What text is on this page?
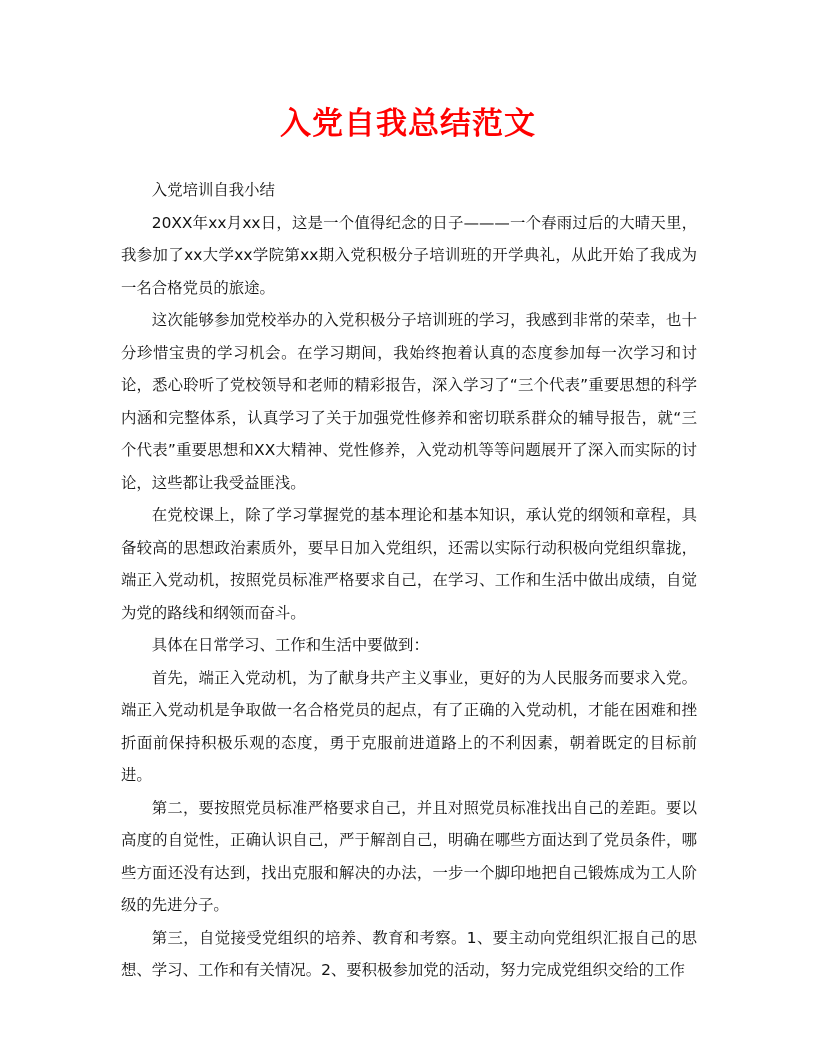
入党自我总结范文

入党培训自我小结

20XX年xx月xx日，这是一个值得纪念的日子———一个春雨过后的大晴天里，我参加了xx大学xx学院第xx期入党积极分子培训班的开学典礼，从此开始了我成为一名合格党员的旅途。

这次能够参加党校举办的入党积极分子培训班的学习，我感到非常的荣幸，也十分珍惜宝贵的学习机会。在学习期间，我始终抱着认真的态度参加每一次学习和讨论，悉心聆听了党校领导和老师的精彩报告，深入学习了“三个代表”重要思想的科学内涵和完整体系，认真学习了关于加强党性修养和密切联系群众的辅导报告，就“三个代表”重要思想和XX大精神、党性修养，入党动机等等问题展开了深入而实际的讨论，这些都让我受益匪浅。

在党校课上，除了学习掌握党的基本理论和基本知识，承认党的纲领和章程，具备较高的思想政治素质外，要早日加入党组织，还需以实际行动积极向党组织靠拢，端正入党动机，按照党员标准严格要求自己，在学习、工作和生活中做出成绩，自觉为党的路线和纲领而奋斗。

具体在日常学习、工作和生活中要做到：

首先，端正入党动机，为了献身共产主义事业，更好的为人民服务而要求入党。端正入党动机是争取做一名合格党员的起点，有了正确的入党动机，才能在困难和挫折面前保持积极乐观的态度，勇于克服前进道路上的不利因素，朝着既定的目标前进。

第二，要按照党员标准严格要求自己，并且对照党员标准找出自己的差距。要以高度的自觉性，正确认识自己，严于解剖自己，明确在哪些方面达到了党员条件，哪些方面还没有达到，找出克服和解决的办法，一步一个脚印地把自己锻炼成为工人阶级的先进分子。

第三，自觉接受党组织的培养、教育和考察。1、要主动向党组织汇报自己的思想、学习、工作和有关情况。2、要积极参加党的活动，努力完成党组织交给的工作
